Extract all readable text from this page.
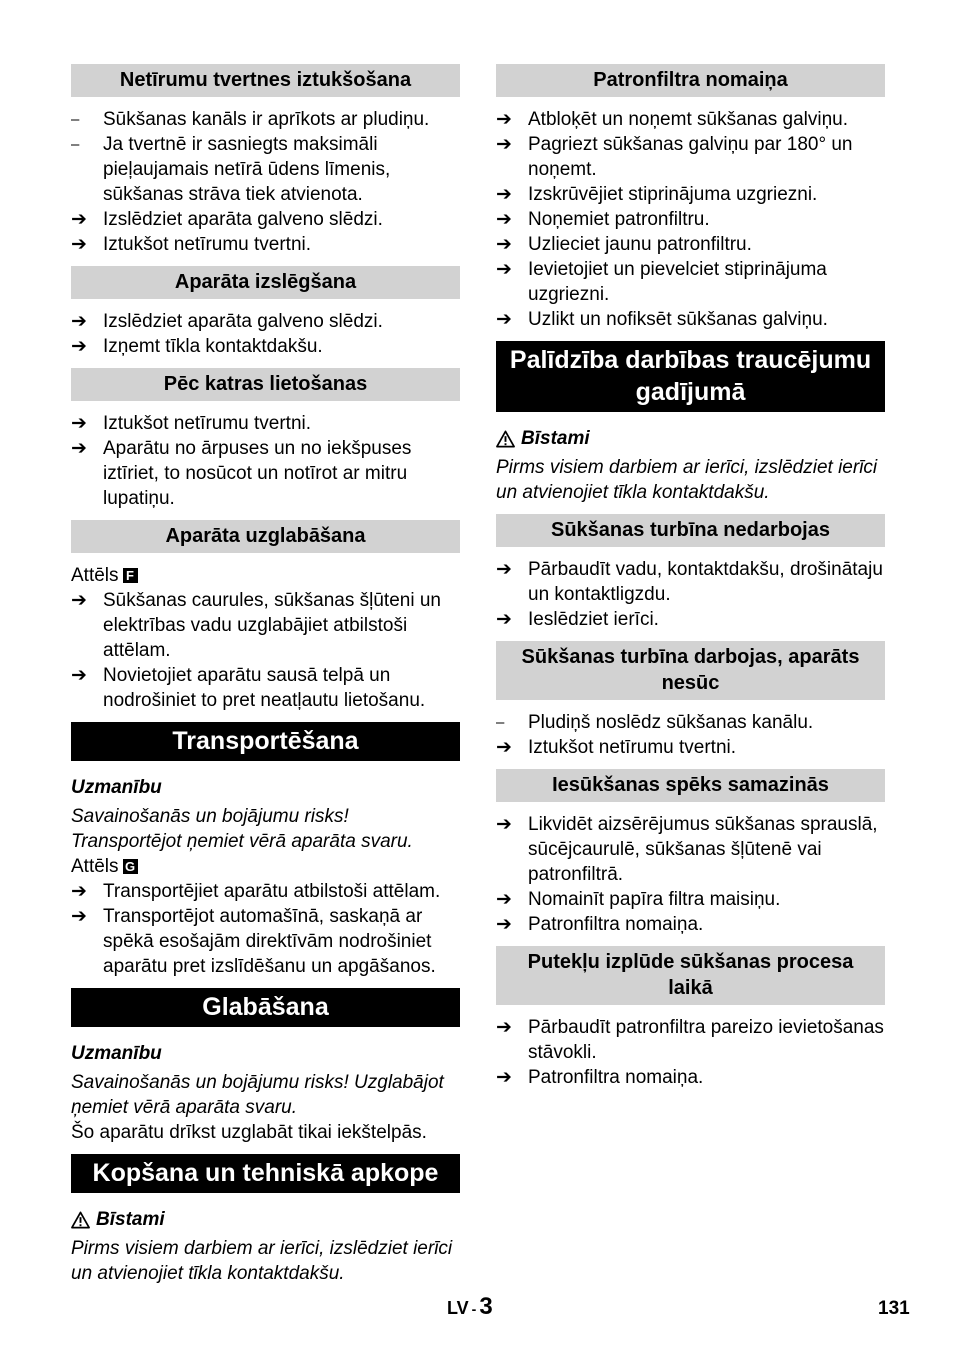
Netīrumu tvertnes iztukšošana
–	Sūkšanas kanāls ir aprīkots ar pludiņu.
–	Ja tvertnē ir sasniegts maksimāli pieļaujamais netīrā ūdens līmenis, sūkšanas strāva tiek atvienota.
➔ Izslēdziet aparāta galveno slēdzi.
➔ Iztukšot netīrumu tvertni.
Aparāta izslēgšana
➔ Izslēdziet aparāta galveno slēdzi.
➔ Izņemt tīkla kontaktdakšu.
Pēc katras lietošanas
➔ Iztukšot netīrumu tvertni.
➔ Aparātu no ārpuses un no iekšpuses iztīriet, to nosūcot un notīrot ar mitru lupatiņu.
Aparāta uzglabāšana

Attēls F

➔ Sūkšanas caurules, sūkšanas šļūteni un elektrības vadu uzglabājiet atbilstoši attēlam.
➔ Novietojiet aparātu sausā telpā un nodrošiniet to pret neatļautu lietošanu.
Transportēšana

Uzmanību

Savainošanās un bojājumu risks! Transportējot ņemiet vērā aparāta svaru.

Attēls G

➔ Transportējiet aparātu atbilstoši attēlam.
➔ Transportējot automašīnā, saskaņā ar spēkā esošajām direktīvām nodrošiniet aparātu pret izslīdēšanu un apgāšanos.
Glabāšana

Uzmanību

Savainošanās un bojājumu risks! Uzglabājot ņemiet vērā aparāta svaru.

Šo aparātu drīkst uzglabāt tikai iekštelpās.

Kopšana un tehniskā apkope
Bīstami

Pirms visiem darbiem ar ierīci, izslēdziet ierīci un atvienojiet tīkla kontaktdakšu.

Patronfiltra nomaiņa
➔ Atbloķēt un noņemt sūkšanas galviņu.
➔ Pagriezt sūkšanas galviņu par 180° un noņemt.
➔ Izskrūvējiet stiprinājuma uzgriezni.
➔ Noņemiet patronfiltru.
➔ Uzlieciet jaunu patronfiltru.
➔ Ievietojiet un pievelciet stiprinājuma uzgriezni.
➔ Uzlikt un nofiksēt sūkšanas galviņu.
Palīdzība darbības traucējumu gadījumā
Bīstami

Pirms visiem darbiem ar ierīci, izslēdziet ierīci un atvienojiet tīkla kontaktdakšu.

Sūkšanas turbīna nedarbojas
➔ Pārbaudīt vadu, kontaktdakšu, drošinātaju un kontaktligzdu.
➔ Ieslēdziet ierīci.
Sūkšanas turbīna darbojas, aparāts nesūc
–	Pludiņš noslēdz sūkšanas kanālu.
➔ Iztukšot netīrumu tvertni.
Iesūkšanas spēks samazinās
➔ Likvidēt aizsērējumus sūkšanas sprauslā, sūcējcaurulē, sūkšanas šļūtenē vai patronfiltrā.
➔ Nomainīt papīra filtra maisiņu.
➔ Patronfiltra nomaiņa.
Putekļu izplūde sūkšanas procesa laikā
➔ Pārbaudīt patronfiltra pareizo ievietošanas stāvokli.
➔ Patronfiltra nomaiņa.
LV - 3	131
